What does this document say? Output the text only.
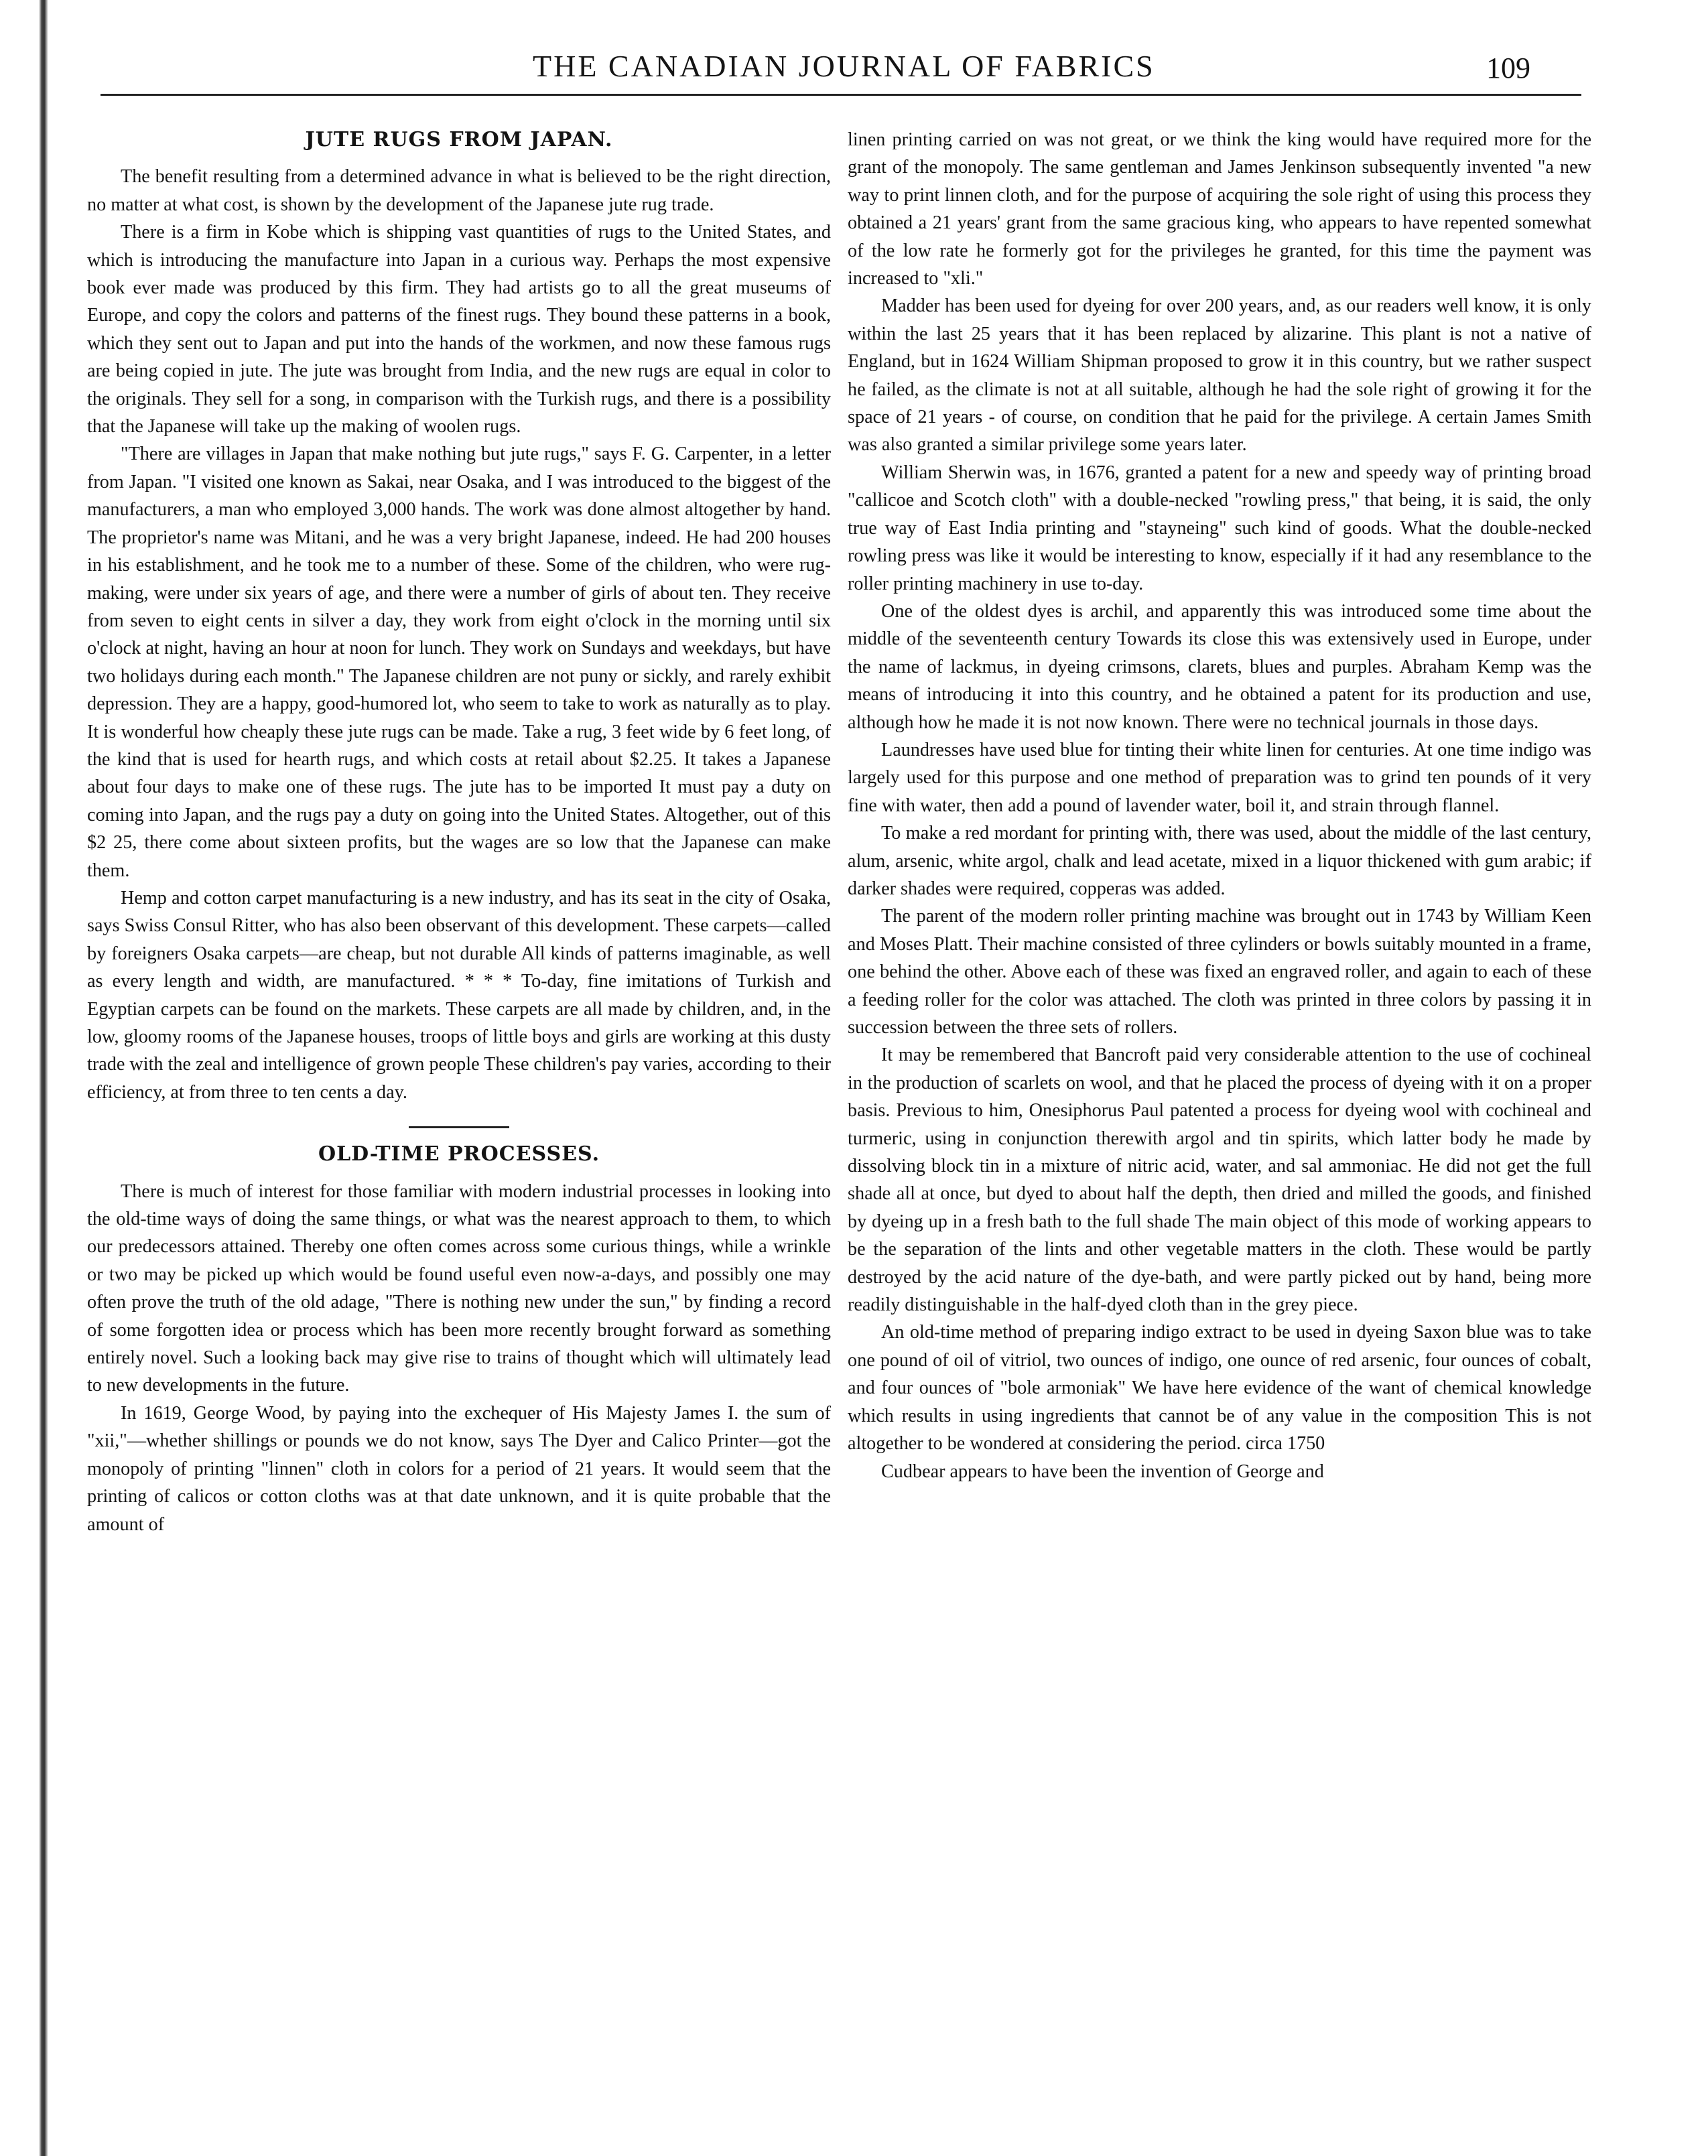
THE CANADIAN JOURNAL OF FABRICS	109
JUTE RUGS FROM JAPAN.

The benefit resulting from a determined advance in what is believed to be the right direction, no matter at what cost, is shown by the development of the Japanese jute rug trade.

There is a firm in Kobe which is shipping vast quantities of rugs to the United States, and which is introducing the manufacture into Japan in a curious way. Perhaps the most expensive book ever made was produced by this firm. They had artists go to all the great museums of Europe, and copy the colors and patterns of the finest rugs. They bound these patterns in a book, which they sent out to Japan and put into the hands of the workmen, and now these famous rugs are being copied in jute. The jute was brought from India, and the new rugs are equal in color to the originals. They sell for a song, in comparison with the Turkish rugs, and there is a possibility that the Japanese will take up the making of woolen rugs.

"There are villages in Japan that make nothing but jute rugs," says F. G. Carpenter, in a letter from Japan. "I visited one known as Sakai, near Osaka, and I was introduced to the biggest of the manufacturers, a man who employed 3,000 hands. The work was done almost altogether by hand. The proprietor's name was Mitani, and he was a very bright Japanese, indeed. He had 200 houses in his establishment, and he took me to a number of these. Some of the children, who were rug-making, were under six years of age, and there were a number of girls of about ten. They receive from seven to eight cents in silver a day, they work from eight o'clock in the morning until six o'clock at night, having an hour at noon for lunch. They work on Sundays and weekdays, but have two holidays during each month." The Japanese children are not puny or sickly, and rarely exhibit depression. They are a happy, good-humored lot, who seem to take to work as naturally as to play. It is wonderful how cheaply these jute rugs can be made. Take a rug, 3 feet wide by 6 feet long, of the kind that is used for hearth rugs, and which costs at retail about $2.25. It takes a Japanese about four days to make one of these rugs. The jute has to be imported It must pay a duty on coming into Japan, and the rugs pay a duty on going into the United States. Altogether, out of this $2 25, there come about sixteen profits, but the wages are so low that the Japanese can make them.

Hemp and cotton carpet manufacturing is a new industry, and has its seat in the city of Osaka, says Swiss Consul Ritter, who has also been observant of this development. These carpets—called by foreigners Osaka carpets—are cheap, but not durable All kinds of patterns imaginable, as well as every length and width, are manufactured. * * * To-day, fine imitations of Turkish and Egyptian carpets can be found on the markets. These carpets are all made by children, and, in the low, gloomy rooms of the Japanese houses, troops of little boys and girls are working at this dusty trade with the zeal and intelligence of grown people These children's pay varies, according to their efficiency, at from three to ten cents a day.

OLD-TIME PROCESSES.

There is much of interest for those familiar with modern industrial processes in looking into the old-time ways of doing the same things, or what was the nearest approach to them, to which our predecessors attained. Thereby one often comes across some curious things, while a wrinkle or two may be picked up which would be found useful even now-a-days, and possibly one may often prove the truth of the old adage, "There is nothing new under the sun," by finding a record of some forgotten idea or process which has been more recently brought forward as something entirely novel. Such a looking back may give rise to trains of thought which will ultimately lead to new developments in the future.

In 1619, George Wood, by paying into the exchequer of His Majesty James I. the sum of "xii,"—whether shillings or pounds we do not know, says The Dyer and Calico Printer—got the monopoly of printing "linnen" cloth in colors for a period of 21 years. It would seem that the printing of calicos or cotton cloths was at that date unknown, and it is quite probable that the amount of

linen printing carried on was not great, or we think the king would have required more for the grant of the monopoly. The same gentleman and James Jenkinson subsequently invented "a new way to print linnen cloth, and for the purpose of acquiring the sole right of using this process they obtained a 21 years' grant from the same gracious king, who appears to have repented somewhat of the low rate he formerly got for the privileges he granted, for this time the payment was increased to "xli."

Madder has been used for dyeing for over 200 years, and, as our readers well know, it is only within the last 25 years that it has been replaced by alizarine. This plant is not a native of England, but in 1624 William Shipman proposed to grow it in this country, but we rather suspect he failed, as the climate is not at all suitable, although he had the sole right of growing it for the space of 21 years - of course, on condition that he paid for the privilege. A certain James Smith was also granted a similar privilege some years later.

William Sherwin was, in 1676, granted a patent for a new and speedy way of printing broad "callicoe and Scotch cloth" with a double-necked "rowling press," that being, it is said, the only true way of East India printing and "stayneing" such kind of goods. What the double-necked rowling press was like it would be interesting to know, especially if it had any resemblance to the roller printing machinery in use to-day.

One of the oldest dyes is archil, and apparently this was introduced some time about the middle of the seventeenth century Towards its close this was extensively used in Europe, under the name of lackmus, in dyeing crimsons, clarets, blues and purples. Abraham Kemp was the means of introducing it into this country, and he obtained a patent for its production and use, although how he made it is not now known. There were no technical journals in those days.

Laundresses have used blue for tinting their white linen for centuries. At one time indigo was largely used for this purpose and one method of preparation was to grind ten pounds of it very fine with water, then add a pound of lavender water, boil it, and strain through flannel.

To make a red mordant for printing with, there was used, about the middle of the last century, alum, arsenic, white argol, chalk and lead acetate, mixed in a liquor thickened with gum arabic; if darker shades were required, copperas was added.

The parent of the modern roller printing machine was brought out in 1743 by William Keen and Moses Platt. Their machine consisted of three cylinders or bowls suitably mounted in a frame, one behind the other. Above each of these was fixed an engraved roller, and again to each of these a feeding roller for the color was attached. The cloth was printed in three colors by passing it in succession between the three sets of rollers.

It may be remembered that Bancroft paid very considerable attention to the use of cochineal in the production of scarlets on wool, and that he placed the process of dyeing with it on a proper basis. Previous to him, Onesiphorus Paul patented a process for dyeing wool with cochineal and turmeric, using in conjunction therewith argol and tin spirits, which latter body he made by dissolving block tin in a mixture of nitric acid, water, and sal ammoniac. He did not get the full shade all at once, but dyed to about half the depth, then dried and milled the goods, and finished by dyeing up in a fresh bath to the full shade The main object of this mode of working appears to be the separation of the lints and other vegetable matters in the cloth. These would be partly destroyed by the acid nature of the dye-bath, and were partly picked out by hand, being more readily distinguishable in the half-dyed cloth than in the grey piece.

An old-time method of preparing indigo extract to be used in dyeing Saxon blue was to take one pound of oil of vitriol, two ounces of indigo, one ounce of red arsenic, four ounces of cobalt, and four ounces of "bole armoniak" We have here evidence of the want of chemical knowledge which results in using ingredients that cannot be of any value in the composition This is not altogether to be wondered at considering the period. circa 1750

Cudbear appears to have been the invention of George and
